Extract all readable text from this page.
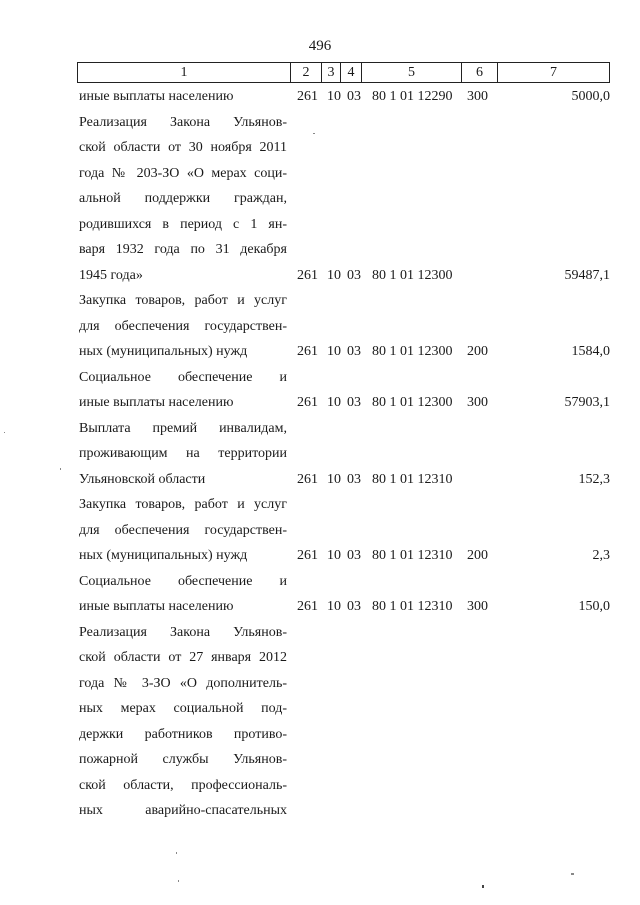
496
1	2	3 4	5	6	7
иные выплаты населению	261 10 03 80 1 01 12290 300	5000,0
Реализация Закона Ульянов-
ской области от 30 ноября 2011
года № 203-ЗО «О мерах соци-
альной поддержки граждан,
родившихся в период с 1 ян-
варя 1932 года по 31 декабря
1945 года»	261 10 03 80 1 01 12300	59487,1
Закупка товаров, работ и услуг
для обеспечения государствен-
ных (муниципальных) нужд	261 10 03 80 1 01 12300 200	1584,0
Социальное обеспечение и
иные выплаты населению	261 10 03 80 1 01 12300 300	57903,1
Выплата премий инвалидам,
проживающим на территории
Ульяновской области	261 10 03 80 1 01 12310	152,3
Закупка товаров, работ и услуг
для обеспечения государствен-
ных (муниципальных) нужд	261 10 03 80 1 01 12310 200	2,3
Социальное обеспечение и
иные выплаты населению	261 10 03 80 1 01 12310 300	150,0
Реализация Закона Ульянов-
ской области от 27 января 2012
года № 3-ЗО «О дополнитель-
ных мерах социальной под-
держки работников противо-
пожарной службы Ульянов-
ской области, профессиональ-
ных аварийно-спасательных
